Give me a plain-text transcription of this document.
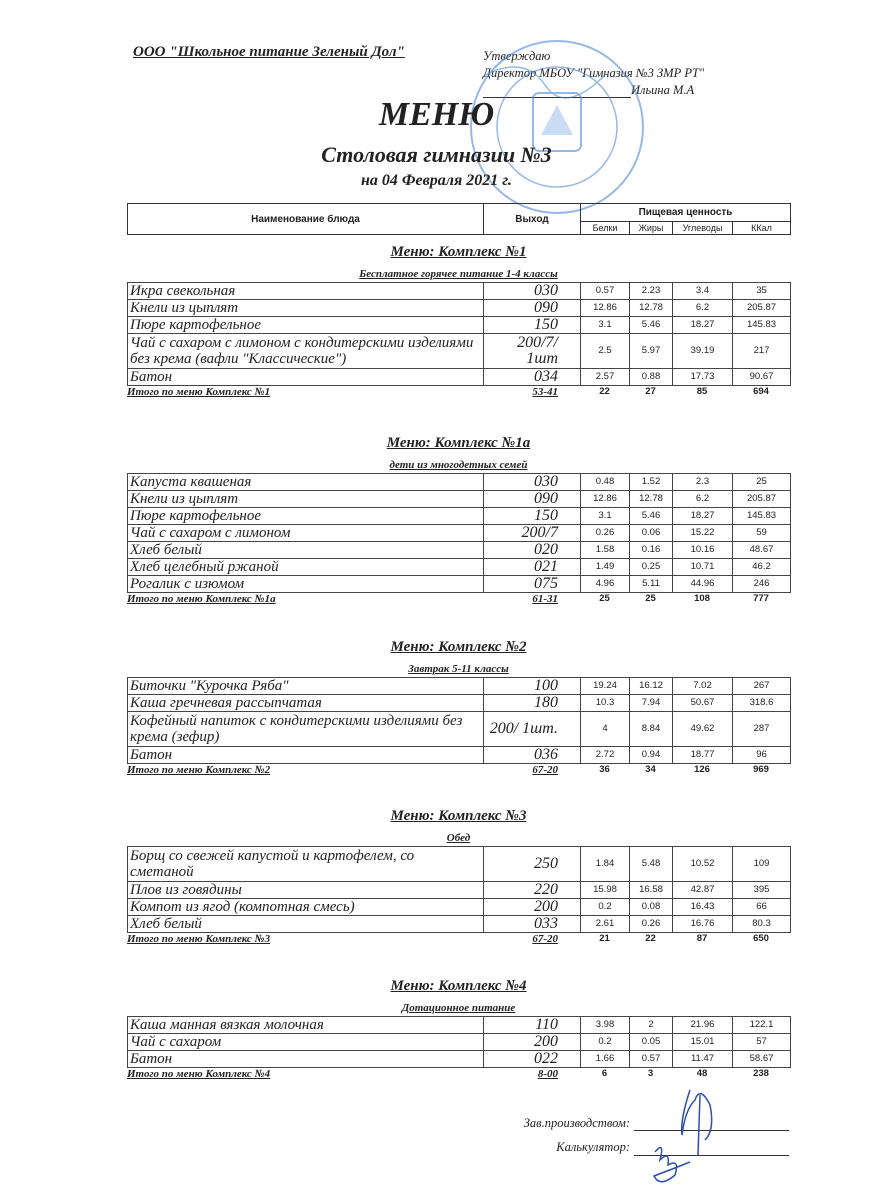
ООО "Школьное питание Зеленый Дол"	Утверждаю
Директор МБОУ "Гимназия №3 ЗМР РТ"
Ильина М.А
МЕНЮ
Столовая гимназии №3
на 04 Февраля 2021 г.
Наименование блюда	Выход	Пищевая ценность			
		Белки	Жиры	Углеводы	ККал
Меню: Комплекс №1
Бесплатное горячее питание 1-4 классы
Икра свекольная	030	0.57	2.23	3.4	35
Кнели из цыплят	090	12.86	12.78	6.2	205.87
Пюре картофельное	150	3.1	5.46	18.27	145.83
Чай с сахаром с лимоном с кондитерскими изделиями без крема (вафли "Классические")	200/7/ 1шт	2.5	5.97	39.19	217
Батон	034	2.57	0.88	17.73	90.67
Итого по меню Комплекс №1	53-41	22	27	85	694
Меню: Комплекс №1а
дети из многодетных семей
Капуста квашеная	030	0.48	1.52	2.3	25
Кнели из цыплят	090	12.86	12.78	6.2	205.87
Пюре картофельное	150	3.1	5.46	18.27	145.83
Чай с сахаром с лимоном	200/7	0.26	0.06	15.22	59
Хлеб белый	020	1.58	0.16	10.16	48.67
Хлеб целебный ржаной	021	1.49	0.25	10.71	46.2
Рогалик с изюмом	075	4.96	5.11	44.96	246
Итого по меню Комплекс №1а	61-31	25	25	108	777
Меню: Комплекс №2
Завтрак 5-11 классы
Биточки "Курочка Ряба"	100	19.24	16.12	7.02	267
Каша гречневая рассыпчатая	180	10.3	7.94	50.67	318.6
Кофейный напиток с кондитерскими изделиями без крема (зефир)	200/ 1шт.	4	8.84	49.62	287
Батон	036	2.72	0.94	18.77	96
Итого по меню Комплекс №2	67-20	36	34	126	969
Меню: Комплекс №3
Обед
Борщ со свежей капустой и картофелем, со сметаной	250	1.84	5.48	10.52	109
Плов из говядины	220	15.98	16.58	42.87	395
Компот из ягод (компотная смесь)	200	0.2	0.08	16.43	66
Хлеб белый	033	2.61	0.26	16.76	80.3
Итого по меню Комплекс №3	67-20	21	22	87	650
Меню: Комплекс №4
Дотационное питание
Каша манная вязкая молочная	110	3.98	2	21.96	122.1
Чай с сахаром	200	0.2	0.05	15.01	57
Батон	022	1.66	0.57	11.47	58.67
Итого по меню Комплекс №4	8-00	6	3	48	238
Зав.производством:
Калькулятор:
